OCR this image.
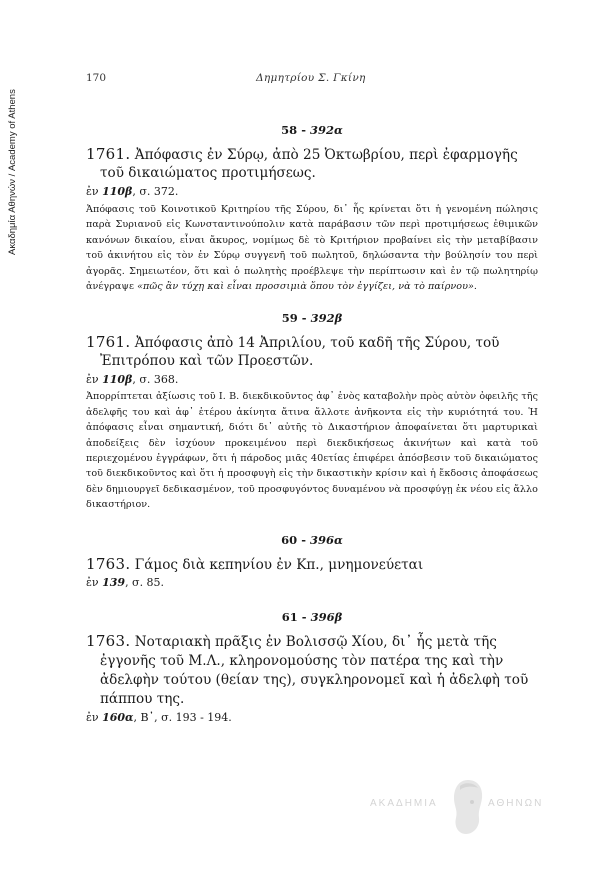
Ακαδημία Αθηνών / Academy of Athens
170	Δημητρίου Σ. Γκίνη

58 - 392α

1761. Ἀπόφασις ἐν Σύρῳ, ἀπὸ 25 Ὀκτωβρίου, περὶ ἐφαρμογῆς τοῦ δικαιώματος προτιμήσεως.

ἐν 110β, σ. 372.

Ἀπόφασις τοῦ Κοινοτικοῦ Κριτηρίου τῆς Σύρου, δι᾽ ἧς κρίνεται ὅτι ἡ γενομένη πώλησις παρὰ Συριανοῦ εἰς Κωνσταντινούπολιν κατὰ παράβασιν τῶν περὶ προτιμήσεως ἐθιμικῶν κανόνων δικαίου, εἶναι ἄκυρος, νομίμως δὲ τὸ Κριτήριον προβαίνει εἰς τὴν μεταβίβασιν τοῦ ἀκινήτου εἰς τὸν ἐν Σύρῳ συγγενῆ τοῦ πωλητοῦ, δηλώσαντα τὴν βούλησίν του περὶ ἀγορᾶς. Σημειωτέον, ὅτι καὶ ὁ πωλητὴς προέβλεψε τὴν περίπτωσιν καὶ ἐν τῷ πωλητηρίῳ ἀνέγραψε «πῶς ἂν τύχῃ καὶ εἶναι προσσιμιὰ ὅπου τὸν ἐγγίζει, νὰ τὸ παίρνου».

59 - 392β

1761. Ἀπόφασις ἀπὸ 14 Ἀπριλίου, τοῦ καδῆ τῆς Σύρου, τοῦ Ἐπιτρόπου καὶ τῶν Προεστῶν.

ἐν 110β, σ. 368.

Ἀπορρίπτεται ἀξίωσις τοῦ Ι. Β. διεκδικοῦντος ἀφ᾽ ἑνὸς καταβολὴν πρὸς αὐτὸν ὀφειλῆς τῆς ἀδελφῆς του καὶ ἀφ᾽ ἑτέρου ἀκίνητα ἄτινα ἄλλοτε ἀνῆκοντα εἰς τὴν κυριότητά του. Ἡ ἀπόφασις εἶναι σημαντική, διότι δι᾽ αὐτῆς τὸ Δικαστήριον ἀποφαίνεται ὅτι μαρτυρικαὶ ἀποδείξεις δὲν ἰσχύουν προκειμένου περὶ διεκδικήσεως ἀκινήτων καὶ κατὰ τοῦ περιεχομένου ἐγγράφων, ὅτι ἡ πάροδος μιᾶς 40ετίας ἐπιφέρει ἀπόσβεσιν τοῦ δικαιώματος τοῦ διεκδικοῦντος καὶ ὅτι ἡ προσφυγὴ εἰς τὴν δικαστικὴν κρίσιν καὶ ἡ ἔκδοσις ἀποφάσεως δὲν δημιουργεῖ δεδικασμένον, τοῦ προσφυγόντος δυναμένου νὰ προσφύγῃ ἐκ νέου εἰς ἄλλο δικαστήριον.

60 - 396α

1763. Γάμος διὰ κεπηνίου ἐν Κπ., μνημονεύεται

ἐν 139, σ. 85.

61 - 396β

1763. Νοταριακὴ πρᾶξις ἐν Βολισσῷ Χίου, δι᾽ ἧς μετὰ τῆς ἐγγονῆς τοῦ Μ.Λ., κληρονομούσης τὸν πατέρα της καὶ τὴν ἀδελφὴν τούτου (θείαν της), συγκληρονομεῖ καὶ ἡ ἀδελφὴ τοῦ πάππου της.

ἐν 160α, Β᾽, σ. 193 - 194.

ΑΚΑΔΗΜΙΑ	ΑΘΗΝΩΝ
